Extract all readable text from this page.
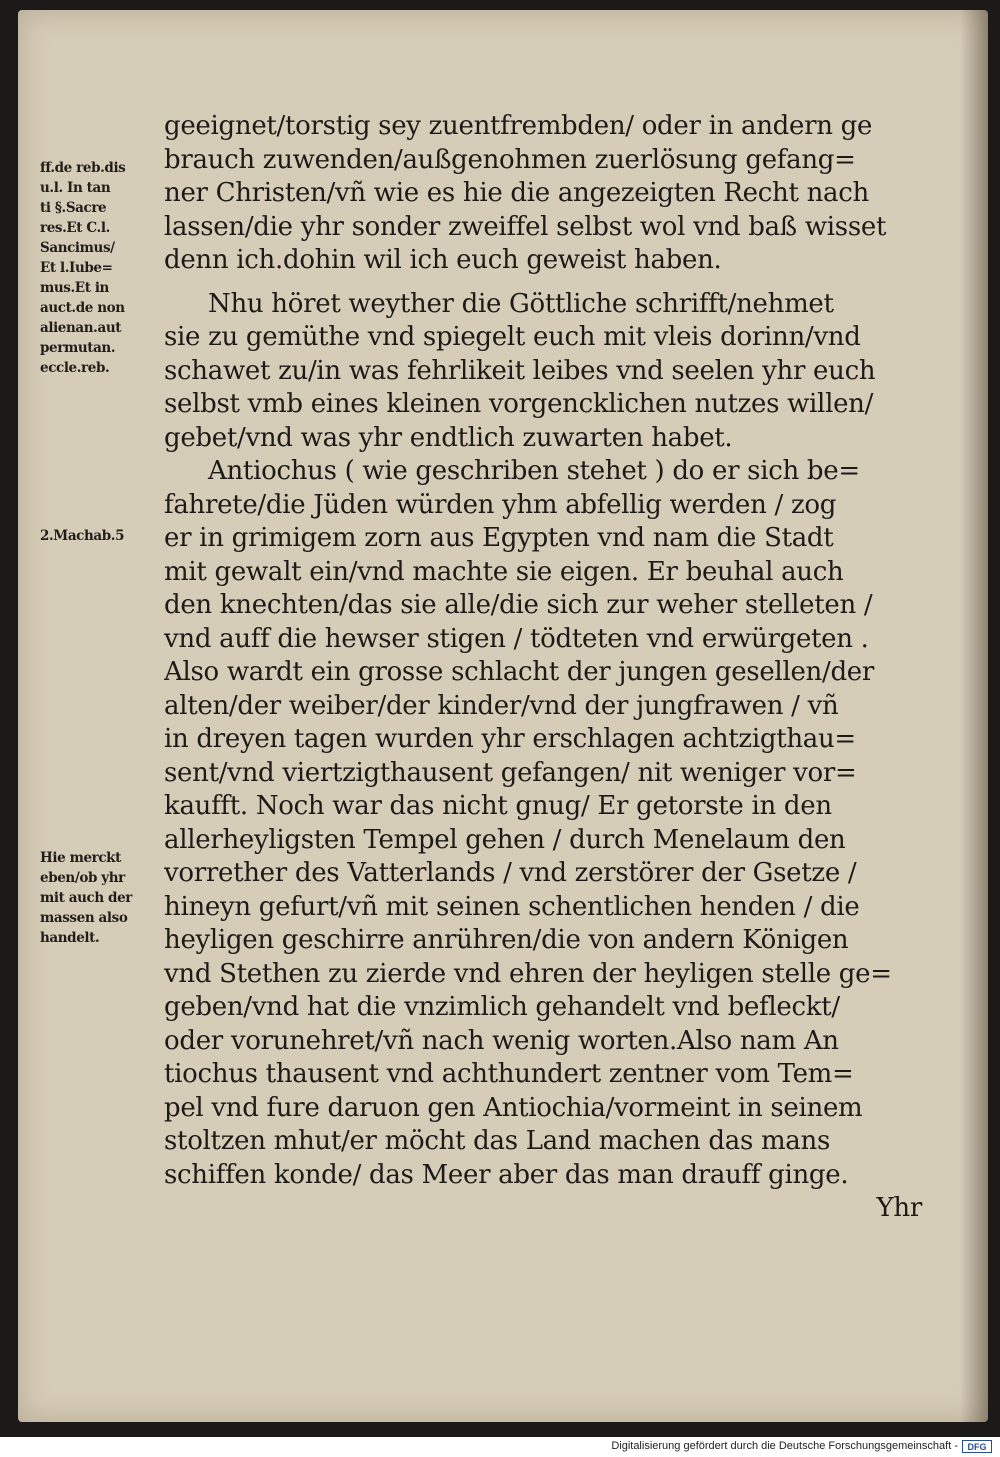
geeignet/torstig sey zuentfrembden/ oder in andern ge
brauch zuwenden/außgenohmen zuerlösung gefang=
ner Christen/vñ wie es hie die angezeigten Recht nach
lassen/die yhr sonder zweiffel selbst wol vnd baß wisset
denn ich.dohin wil ich euch geweist haben.
Nhu höret weyther die Göttliche schrifft/nehmet
sie zu gemüthe vnd spiegelt euch mit vleis dorinn/vnd
schawet zu/in was fehrlikeit leibes vnd seelen yhr euch
selbst vmb eines kleinen vorgencklichen nutzes willen/
gebet/vnd was yhr endtlich zuwarten habet.
Antiochus ( wie geschriben stehet ) do er sich be=
fahrete/die Jüden würden yhm abfellig werden / zog
er in grimigem zorn aus Egypten vnd nam die Stadt
mit gewalt ein/vnd machte sie eigen. Er beuhal auch
den knechten/das sie alle/die sich zur weher stelleten /
vnd auff die hewser stigen / tödteten vnd erwürgeten .
Also wardt ein grosse schlacht der jungen gesellen/der
alten/der weiber/der kinder/vnd der jungfrawen / vñ
in dreyen tagen wurden yhr erschlagen achtzigthau=
sent/vnd viertzigthausent gefangen/ nit weniger vor=
kaufft. Noch war das nicht gnug/ Er getorste in den
allerheyligsten Tempel gehen / durch Menelaum den
vorrether des Vatterlands / vnd zerstörer der Gsetze /
hineyn gefurt/vñ mit seinen schentlichen henden / die
heyligen geschirre anrühren/die von andern Königen
vnd Stethen zu zierde vnd ehren der heyligen stelle ge=
geben/vnd hat die vnzimlich gehandelt vnd befleckt/
oder vorunehret/vñ nach wenig worten.Also nam An
tiochus thausent vnd achthundert zentner vom Tem=
pel vnd fure daruon gen Antiochia/vormeint in seinem
stoltzen mhut/er möcht das Land machen das mans
schiffen konde/ das Meer aber das man drauff ginge.
Yhr
ff.de reb.dis
u.l. In tan
ti §.Sacre
res.Et C.l.
Sancimus/
Et l.Iube=
mus.Et in
auct.de non
alienan.aut
permutan.
eccle.reb.
2.Machab.5
Hie merckt
eben/ob yhr
mit auch der
massen also
handelt.
Digitalisierung gefördert durch die Deutsche Forschungsgemeinschaft -	DFG
